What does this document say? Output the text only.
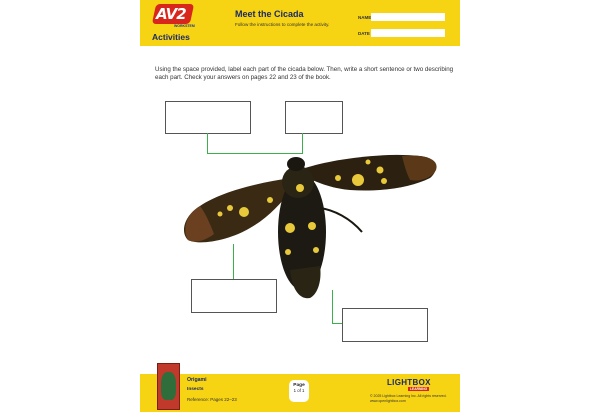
AV2
WORKSTEM
Activities
Meet the Cicada
Follow the instructions to complete the activity.
NAME
DATE
Using the space provided, label each part of the cicada below. Then, write a short sentence or two describing each part. Check your answers on pages 22 and 23 of the book.
Origami
Insects
Reference: Pages 22–23
Page
1 of 1
LIGHTBOX
LEARNING
© 2025 Lightbox Learning Inc. All rights reserved. www.openlightbox.com
